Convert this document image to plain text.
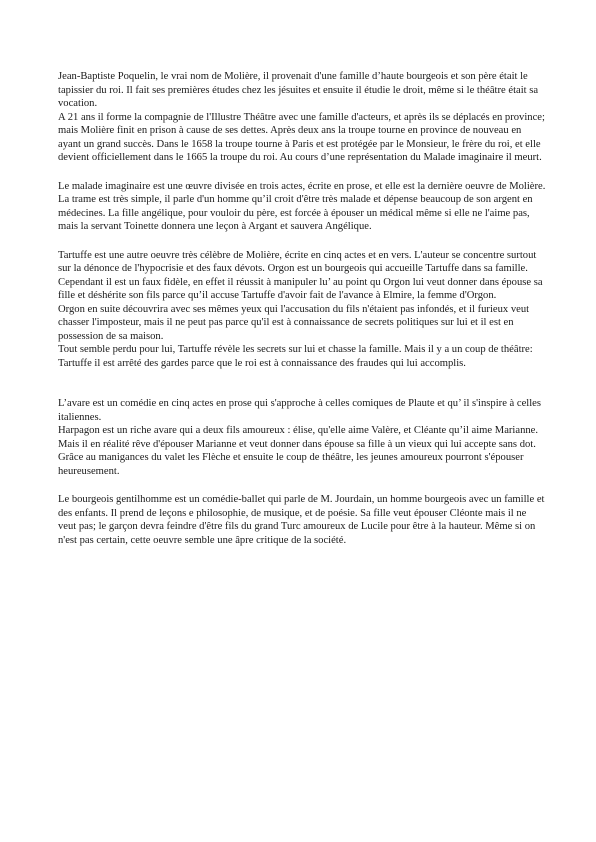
Jean-Baptiste Poquelin, le vrai nom de Molière, il provenait d'une famille d’haute bourgeois et son père était le tapissier du roi. Il fait ses premières études chez les jésuites et ensuite il étudie le droit, même si le théâtre était sa vocation.

A 21 ans il forme la compagnie de l'Illustre Théâtre avec une famille d'acteurs, et après ils se déplacés en province; mais Molière finit en prison à cause de ses dettes. Après deux ans la troupe tourne en province de nouveau en ayant un grand succès. Dans le 1658 la troupe tourne à Paris et est protégée par le Monsieur, le frère du roi, et elle devient officiellement dans le 1665 la troupe du roi. Au cours d’une représentation du Malade imaginaire il meurt.

Le malade imaginaire est une œuvre divisée en trois actes, écrite en prose, et elle est la dernière oeuvre de Molière. La trame est très simple, il parle d'un homme qu’il croit d'être très malade et dépense beaucoup de son argent en médecines. La fille angélique, pour vouloir du père, est forcée à épouser un médical même si elle ne l'aime pas, mais la servant Toinette donnera une leçon à Argant et sauvera Angélique.

Tartuffe est une autre oeuvre très célèbre de Molière, écrite en cinq actes et en vers. L'auteur se concentre surtout sur la dénonce de l'hypocrisie et des faux dévots. Orgon est un bourgeois qui accueille Tartuffe dans sa famille. Cependant il est un faux fidèle, en effet il réussit à manipuler lu’ au point qu Orgon lui veut donner dans épouse sa fille et déshérite son fils parce qu’il accuse Tartuffe d'avoir fait de l'avance à Elmire, la femme d'Orgon.

Orgon en suite découvrira avec ses mêmes yeux qui l'accusation du fils n'étaient pas infondés, et il furieux veut chasser l'imposteur, mais il ne peut pas parce qu'il est à connaissance de secrets politiques sur lui et il est en possession de sa maison.

Tout semble perdu pour lui, Tartuffe révèle les secrets sur lui et chasse la famille. Mais il y a un coup de théâtre: Tartuffe il est arrêté des gardes parce que le roi est à connaissance des fraudes qui lui accomplis.

L’avare est un comédie en cinq actes en prose qui s'approche à celles comiques de Plaute et qu’ il s'inspire à celles italiennes.

Harpagon est un riche avare qui a deux fils amoureux : élise, qu'elle aime Valère, et Cléante qu’il aime Marianne. Mais il en réalité rêve d'épouser Marianne et veut donner dans épouse sa fille à un vieux qui lui accepte sans dot.

Grâce au manigances du valet les Flèche et ensuite le coup de théâtre, les jeunes amoureux pourront s'épouser heureusement.

Le bourgeois gentilhomme est un comédie-ballet qui parle de M. Jourdain, un homme bourgeois avec un famille et des enfants. Il prend de leçons e philosophie, de musique, et de poésie. Sa fille veut épouser Cléonte mais il ne veut pas; le garçon devra feindre d'être fils du grand Turc amoureux de Lucile pour être à la hauteur. Même si on n'est pas certain, cette oeuvre semble une âpre critique de la société.
